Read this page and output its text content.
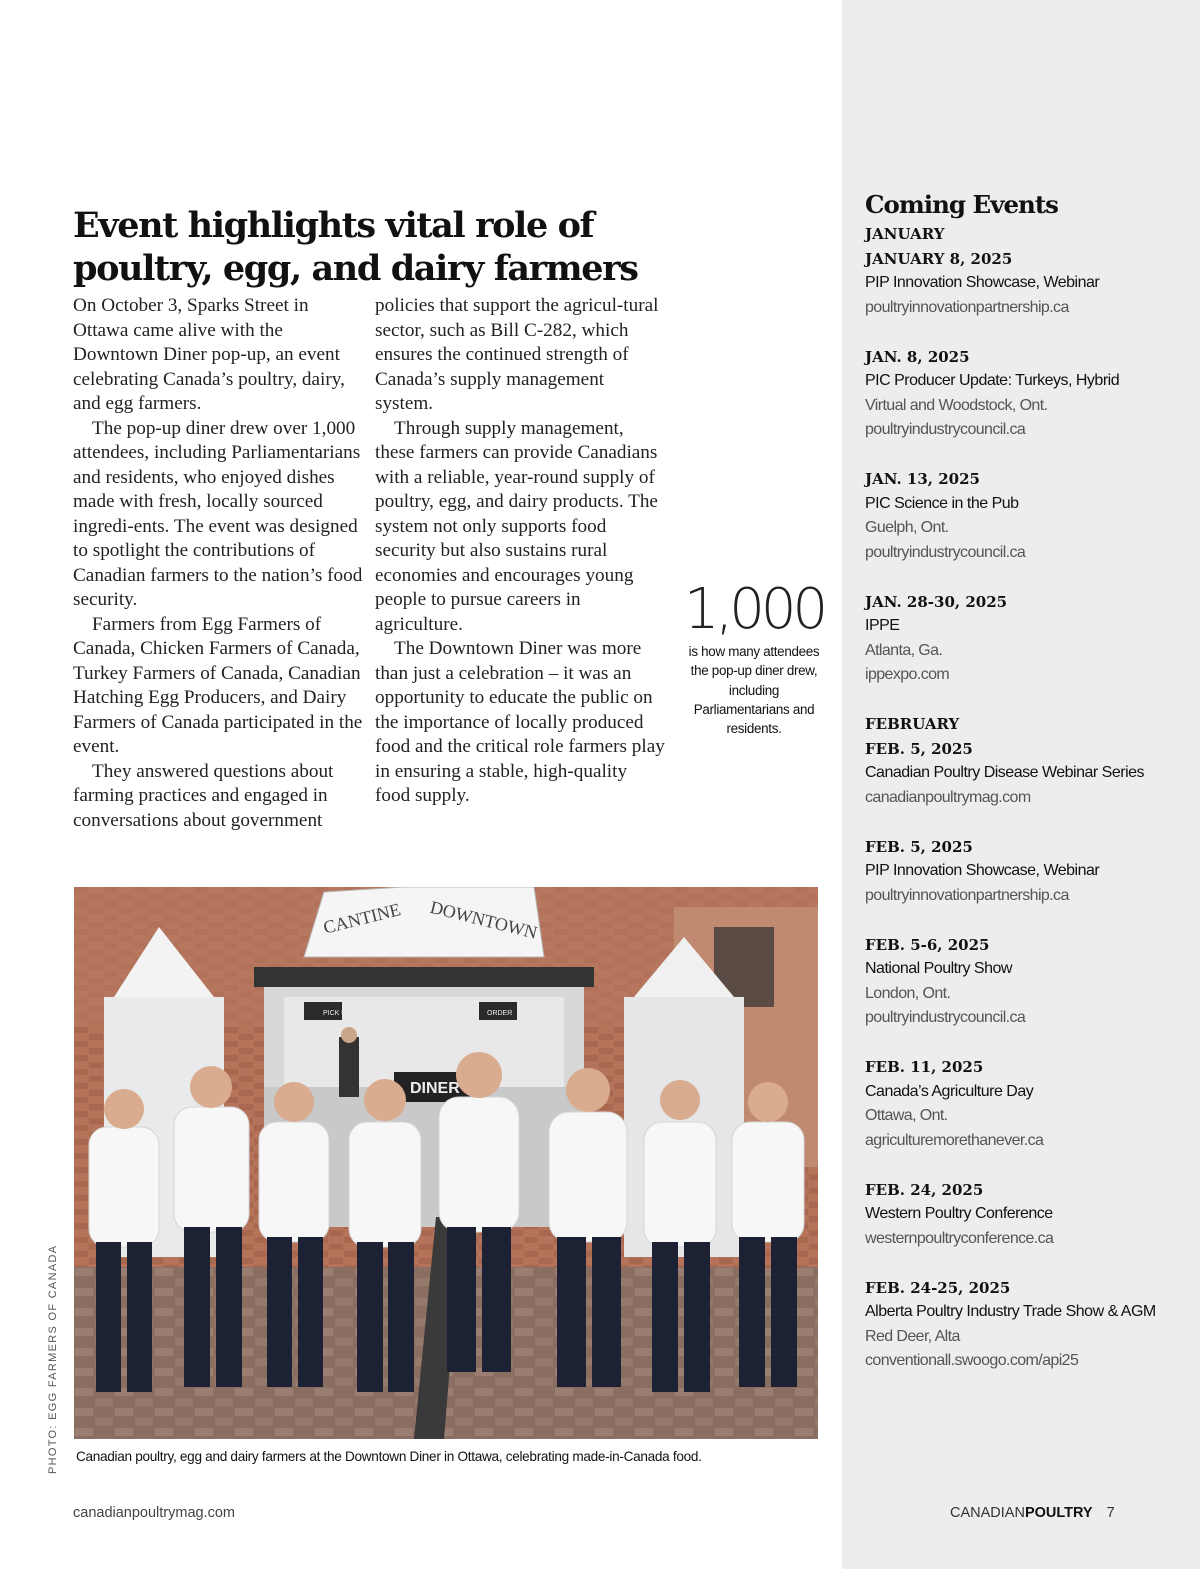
Event highlights vital role of
poultry, egg, and dairy farmers

On October 3, Sparks Street in Ottawa came alive with the Downtown Diner pop-up, an event celebrating Canada’s poultry, dairy, and egg farmers.

The pop-up diner drew over 1,000 attendees, including Parliamentarians and residents, who enjoyed dishes made with fresh, locally sourced ingredi-ents. The event was designed to spotlight the contributions of Canadian farmers to the nation’s food security.

Farmers from Egg Farmers of Canada, Chicken Farmers of Canada, Turkey Farmers of Canada, Canadian Hatching Egg Producers, and Dairy Farmers of Canada participated in the event.

They answered questions about farming practices and engaged in conversations about government

policies that support the agricul-tural sector, such as Bill C-282, which ensures the continued strength of Canada’s supply management system.

Through supply management, these farmers can provide Canadians with a reliable, year-round supply of poultry, egg, and dairy products. The system not only supports food security but also sustains rural economies and encourages young people to pursue careers in agriculture.

The Downtown Diner was more than just a celebration – it was an opportunity to educate the public on the importance of locally produced food and the critical role farmers play in ensuring a stable, high-quality food supply.

1,000
is how many attendees the pop-up diner drew, including Parliamentarians and residents.
CANTINE DOWNTOWN
PICK UP	ORDER
DINER
PHOTO: EGG FARMERS OF CANADA Canadian poultry, egg and dairy farmers at the Downtown Diner in Ottawa, celebrating made-in-Canada food.
Coming Events
JANUARY
JANUARY 8, 2025
PIP Innovation Showcase, Webinar
poultryinnovationpartnership.ca
JAN. 8, 2025
PIC Producer Update: Turkeys, Hybrid
Virtual and Woodstock, Ont.
poultryindustrycouncil.ca
JAN. 13, 2025
PIC Science in the Pub
Guelph, Ont.
poultryindustrycouncil.ca
JAN. 28-30, 2025
IPPE
Atlanta, Ga.
ippexpo.com
FEBRUARY
FEB. 5, 2025
Canadian Poultry Disease Webinar Series
canadianpoultrymag.com
FEB. 5, 2025
PIP Innovation Showcase, Webinar
poultryinnovationpartnership.ca
FEB. 5-6, 2025
National Poultry Show
London, Ont.
poultryindustrycouncil.ca
FEB. 11, 2025
Canada’s Agriculture Day
Ottawa, Ont.
agriculturemorethanever.ca
FEB. 24, 2025
Western Poultry Conference
westernpoultryconference.ca
FEB. 24-25, 2025
Alberta Poultry Industry Trade Show & AGM
Red Deer, Alta
conventionall.swoogo.com/api25
canadianpoultrymag.com	CANADIANPOULTRY 7
